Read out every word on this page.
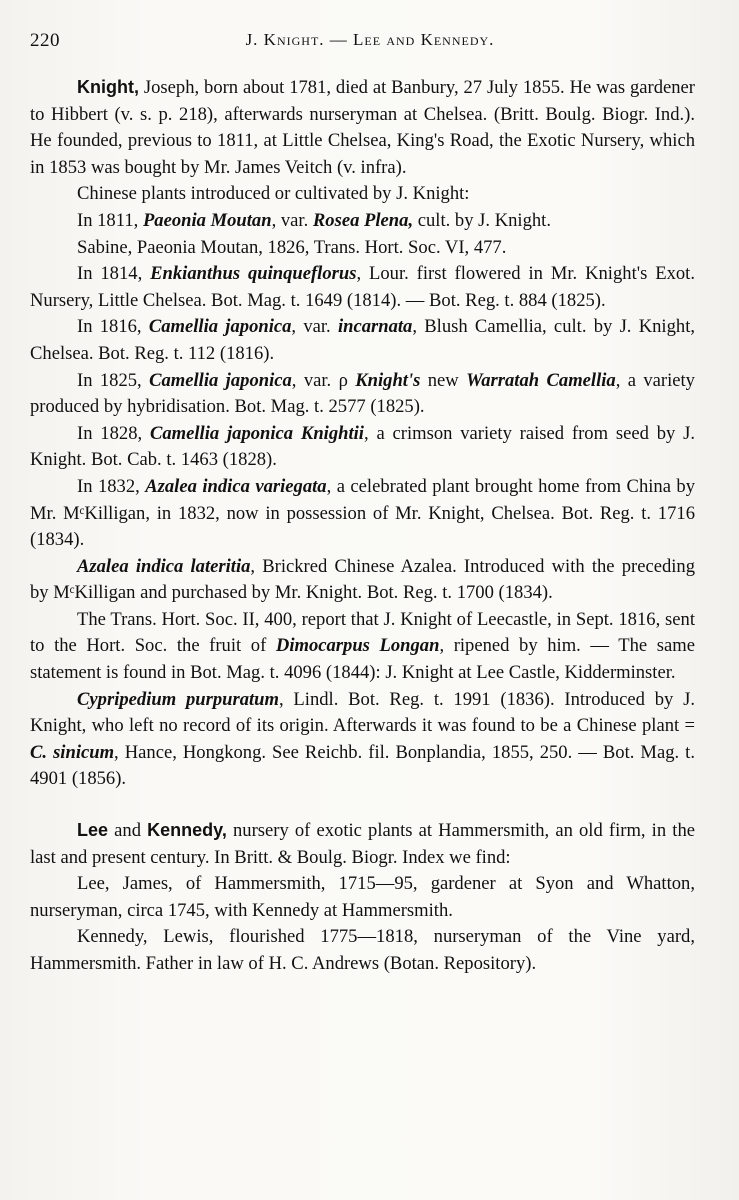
220	J. Knight. — Lee and Kennedy.

Knight, Joseph, born about 1781, died at Banbury, 27 July 1855. He was gardener to Hibbert (v. s. p. 218), afterwards nurseryman at Chelsea. (Britt. Boulg. Biogr. Ind.). He founded, previous to 1811, at Little Chelsea, King's Road, the Exotic Nursery, which in 1853 was bought by Mr. James Veitch (v. infra).

Chinese plants introduced or cultivated by J. Knight:

In 1811, Paeonia Moutan, var. Rosea Plena, cult. by J. Knight.

Sabine, Paeonia Moutan, 1826, Trans. Hort. Soc. VI, 477.

In 1814, Enkianthus quinqueflorus, Lour. first flowered in Mr. Knight's Exot. Nursery, Little Chelsea. Bot. Mag. t. 1649 (1814). — Bot. Reg. t. 884 (1825).

In 1816, Camellia japonica, var. incarnata, Blush Camellia, cult. by J. Knight, Chelsea. Bot. Reg. t. 112 (1816).

In 1825, Camellia japonica, var. ρ Knight's new Warratah Camellia, a variety produced by hybridisation. Bot. Mag. t. 2577 (1825).

In 1828, Camellia japonica Knightii, a crimson variety raised from seed by J. Knight. Bot. Cab. t. 1463 (1828).

In 1832, Azalea indica variegata, a celebrated plant brought home from China by Mr. MᶜKilligan, in 1832, now in possession of Mr. Knight, Chelsea. Bot. Reg. t. 1716 (1834).

Azalea indica lateritia, Brickred Chinese Azalea. Introduced with the preceding by MᶜKilligan and purchased by Mr. Knight. Bot. Reg. t. 1700 (1834).

The Trans. Hort. Soc. II, 400, report that J. Knight of Leecastle, in Sept. 1816, sent to the Hort. Soc. the fruit of Dimocarpus Longan, ripened by him. — The same statement is found in Bot. Mag. t. 4096 (1844): J. Knight at Lee Castle, Kidderminster.

Cypripedium purpuratum, Lindl. Bot. Reg. t. 1991 (1836). Introduced by J. Knight, who left no record of its origin. Afterwards it was found to be a Chinese plant = C. sinicum, Hance, Hongkong. See Reichb. fil. Bonplandia, 1855, 250. — Bot. Mag. t. 4901 (1856).

Lee and Kennedy, nursery of exotic plants at Hammersmith, an old firm, in the last and present century. In Britt. & Boulg. Biogr. Index we find:

Lee, James, of Hammersmith, 1715—95, gardener at Syon and Whatton, nurseryman, circa 1745, with Kennedy at Hammersmith.

Kennedy, Lewis, flourished 1775—1818, nurseryman of the Vine yard, Hammersmith. Father in law of H. C. Andrews (Botan. Repository).
